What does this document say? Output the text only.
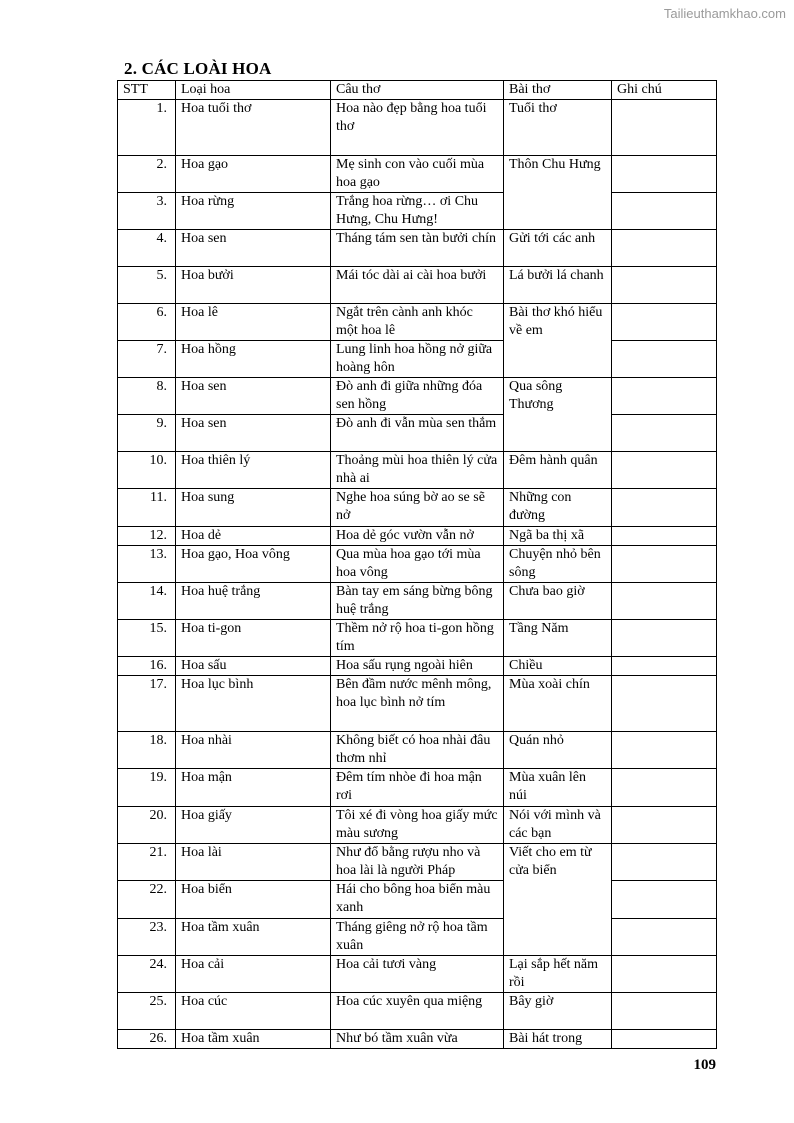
Tailieuthamkhao.com
2. CÁC LOÀI HOA
STT	Loại hoa	Câu thơ	Bài thơ	Ghi chú
1.	Hoa tuổi thơ	Hoa nào đẹp bằng hoa tuổi thơ	Tuổi thơ	
2.	Hoa gạo	Mẹ sinh con vào cuối mùa hoa gạo	Thôn Chu Hưng	
3.	Hoa rừng	Trắng hoa rừng… ơi Chu Hưng, Chu Hưng!		
4.	Hoa sen	Tháng tám sen tàn bưởi chín	Gửi tới các anh	
5.	Hoa bưởi	Mái tóc dài ai cài hoa bưởi	Lá bưởi lá chanh	
6.	Hoa lê	Ngắt trên cành anh khóc một hoa lê	Bài thơ khó hiểu về em	
7.	Hoa hồng	Lung linh hoa hồng nở giữa hoàng hôn		
8.	Hoa sen	Đò anh đi giữa những đóa sen hồng	Qua sông Thương	
9.	Hoa sen	Đò anh đi vẫn mùa sen thắm		
10.	Hoa thiên lý	Thoảng mùi hoa thiên lý cửa nhà ai	Đêm hành quân	
11.	Hoa sung	Nghe hoa súng bờ ao se sẽ nở	Những con đường	
12.	Hoa dẻ	Hoa dẻ góc vườn vẫn nở	Ngã ba thị xã	
13.	Hoa gạo, Hoa vông	Qua mùa hoa gạo tới mùa hoa vông	Chuyện nhỏ bên sông	
14.	Hoa huệ trắng	Bàn tay em sáng bừng bông huệ trắng	Chưa bao giờ	
15.	Hoa ti-gon	Thềm nở rộ hoa ti-gon hồng tím	Tầng Năm	
16.	Hoa sấu	Hoa sấu rụng ngoài hiên	Chiều	
17.	Hoa lục bình	Bên đầm nước mênh mông, hoa lục bình nở tím	Mùa xoài chín	
18.	Hoa nhài	Không biết có hoa nhài đâu thơm nhỉ	Quán nhỏ	
19.	Hoa mận	Đêm tím nhòe đi hoa mận rơi	Mùa xuân lên núi	
20.	Hoa giấy	Tôi xé đi vòng hoa giấy mức màu sương	Nói với mình và các bạn	
21.	Hoa lài	Như đổ bằng rượu nho và hoa lài là người Pháp	Viết cho em từ cửa biển	
22.	Hoa biển	Hái cho bông hoa biển màu xanh		
23.	Hoa tầm xuân	Tháng giêng nở rộ hoa tầm xuân		
24.	Hoa cải	Hoa cải tươi vàng	Lại sắp hết năm rồi	
25.	Hoa cúc	Hoa cúc xuyên qua miệng	Bây giờ	
26.	Hoa tầm xuân	Như bó tầm xuân vừa	Bài hát trong	
109
